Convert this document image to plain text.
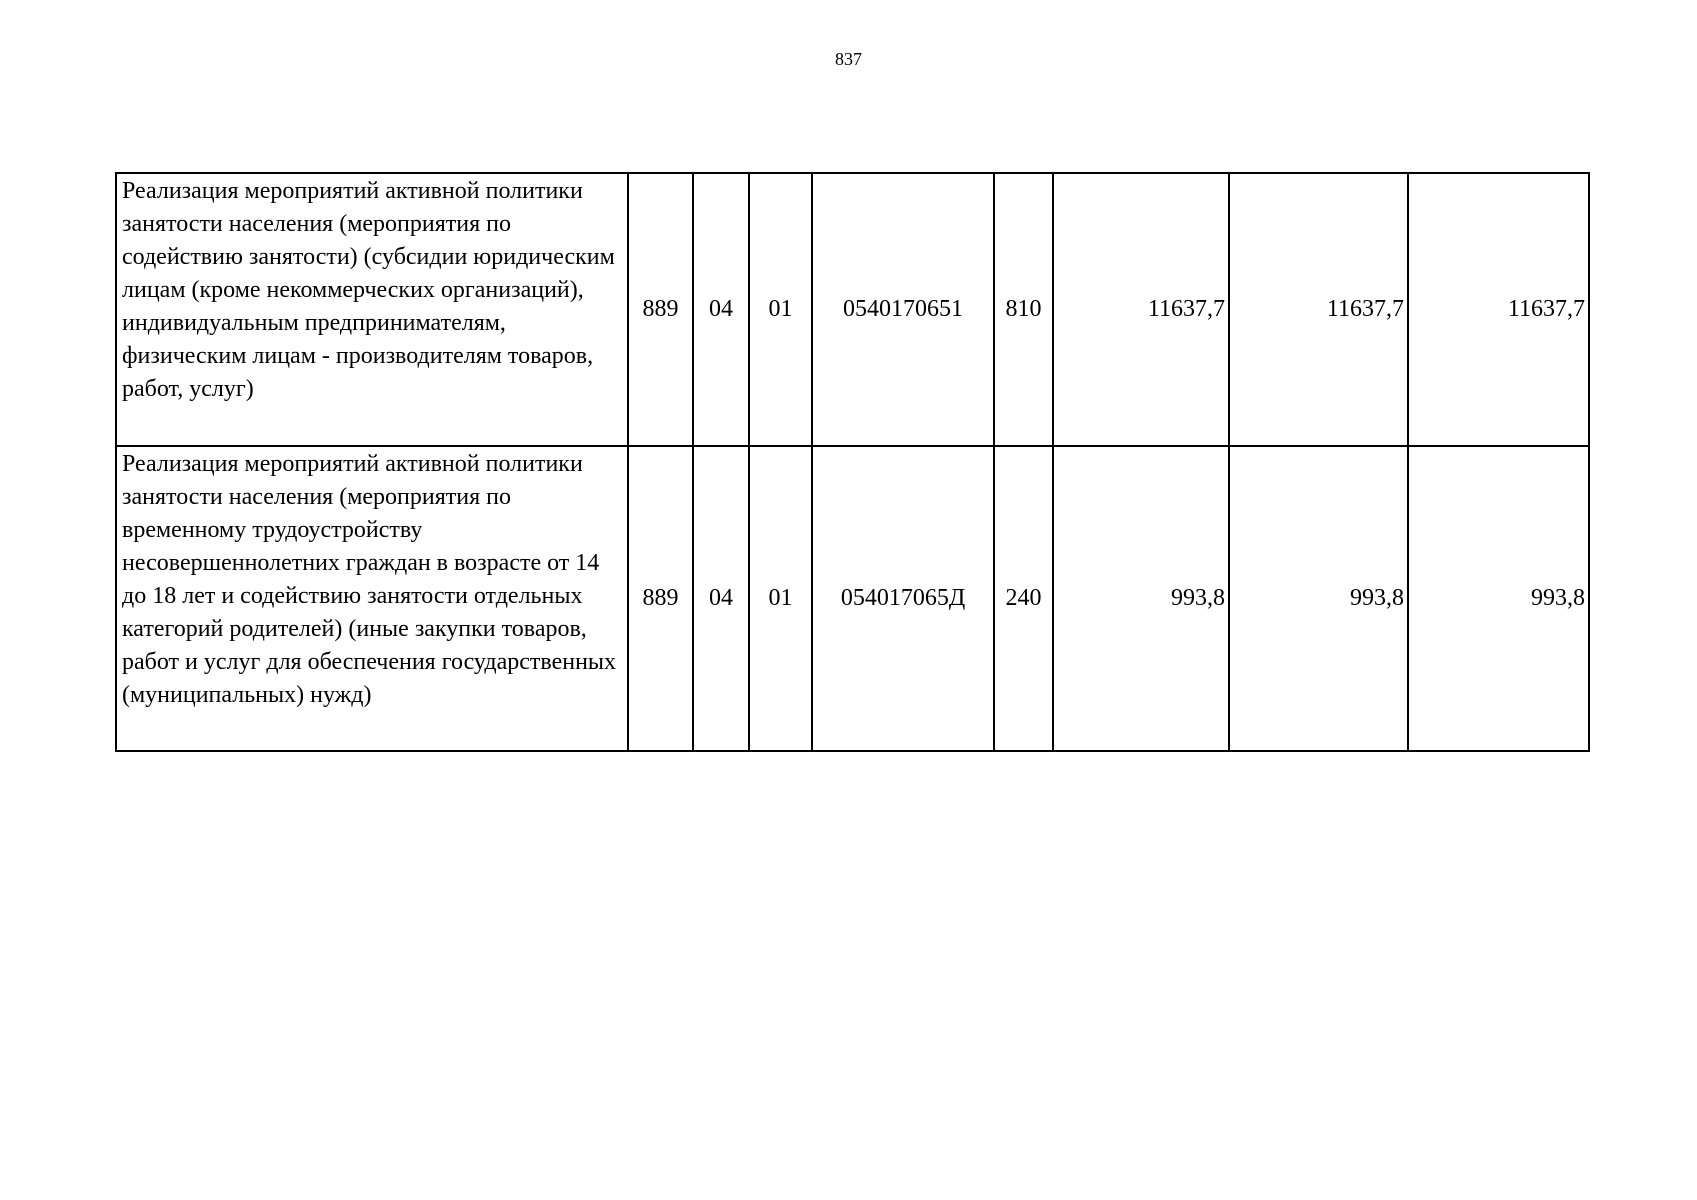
837
Реализация мероприятий активной политики занятости населения (мероприятия по содействию занятости) (субсидии юридическим лицам (кроме некоммерческих организаций), индивидуальным предпринимателям, физическим лицам - производителям товаров, работ, услуг)	889	04	01	0540170651	810	11637,7	11637,7	11637,7
Реализация мероприятий активной политики занятости населения (мероприятия по временному трудоустройству несовершеннолетних граждан в возрасте от 14 до 18 лет и содействию занятости отдельных категорий родителей) (иные закупки товаров, работ и услуг для обеспечения государственных (муниципальных) нужд)	889	04	01	054017065Д	240	993,8	993,8	993,8
